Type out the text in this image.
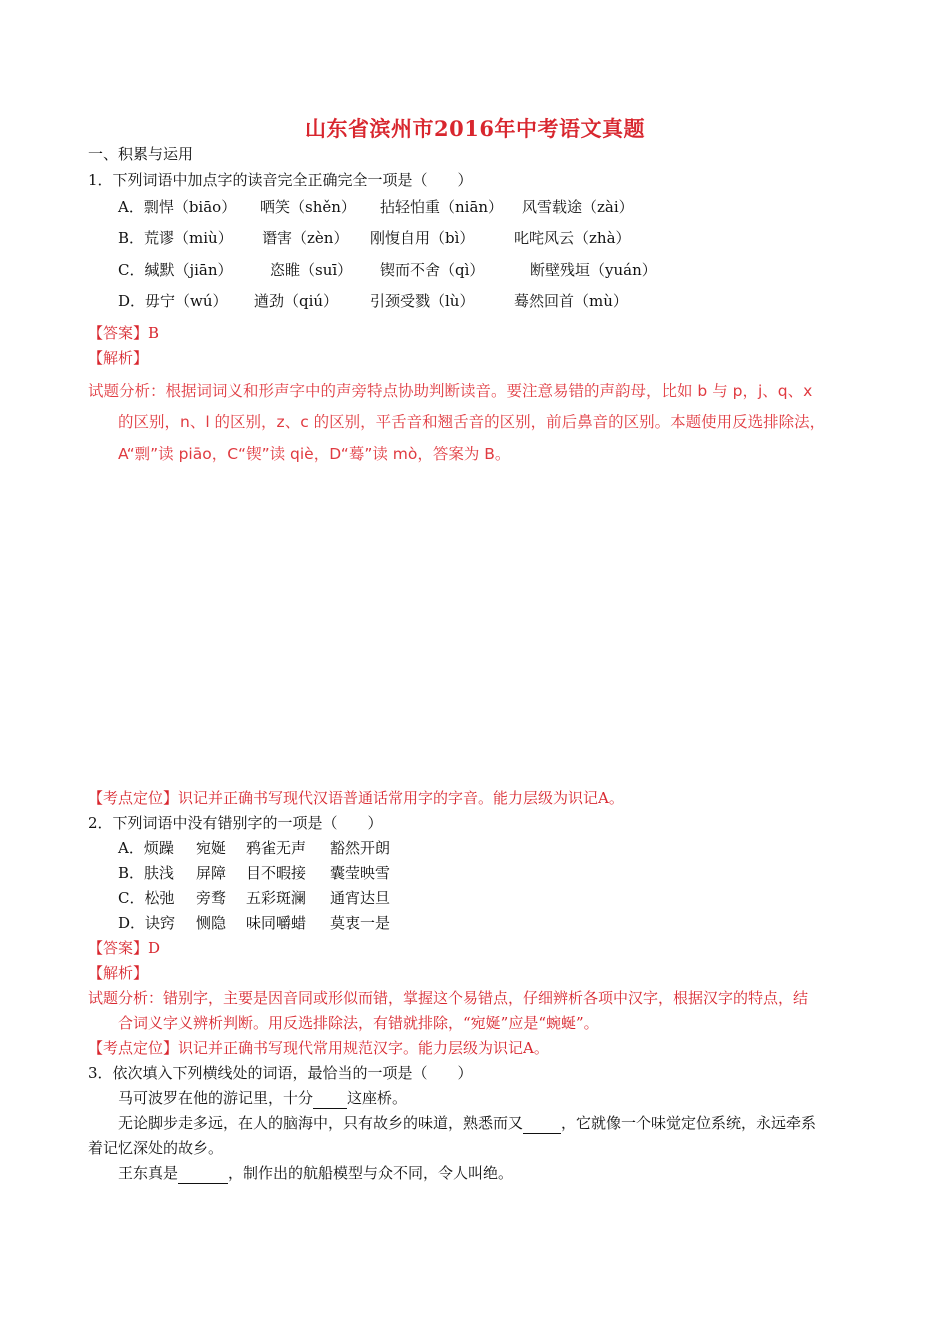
山东省滨州市2016年中考语文真题
一、积累与运用
1．下列词语中加点字的读音完全正确完全一项是（　　）
A．剽悍（biāo） 哂笑（shěn） 拈轻怕重（niān） 风雪载途（zài）
B．荒谬（miù） 谮害（zèn） 刚愎自用（bì）	叱咤风云（zhà）
C．缄默（jiān） 恣睢（suī） 锲而不舍（qì）	断壁残垣（yuán）
D．毋宁（wú） 遒劲（qiú） 引颈受戮（lù）	蓦然回首（mù）
【答案】B
【解析】
试题分析：根据词词义和形声字中的声旁特点协助判断读音。要注意易错的声韵母，比如 b 与 p，j、q、x
的区别，n、l 的区别，z、c 的区别，平舌音和翘舌音的区别，前后鼻音的区别。本题使用反选排除法，
A“剽”读 piāo，C“锲”读 qiè，D“蓦”读 mò，答案为 B。
【考点定位】识记并正确书写现代汉语普通话常用字的字音。能力层级为识记A。
2．下列词语中没有错别字的一项是（　　）
A．烦躁 宛娫 鸦雀无声 豁然开朗
B．肤浅 屏障 目不暇接 囊莹映雪
C．松弛 旁骛 五彩斑澜 通宵达旦
D．诀窍 恻隐 味同嚼蜡 莫衷一是
【答案】D
【解析】
试题分析：错别字，主要是因音同或形似而错，掌握这个易错点，仔细辨析各项中汉字，根据汉字的特点，结
合词义字义辨析判断。用反选排除法，有错就排除，“宛娫”应是“蜿蜒”。
【考点定位】识记并正确书写现代常用规范汉字。能力层级为识记A。
3．依次填入下列横线处的词语，最恰当的一项是（　　）
马可波罗在他的游记里，十分 这座桥。
无论脚步走多远，在人的脑海中，只有故乡的味道，熟悉而又	，它就像一个味觉定位系统，永远牵系
着记忆深处的故乡。
王东真是	，制作出的航船模型与众不同，令人叫绝。
